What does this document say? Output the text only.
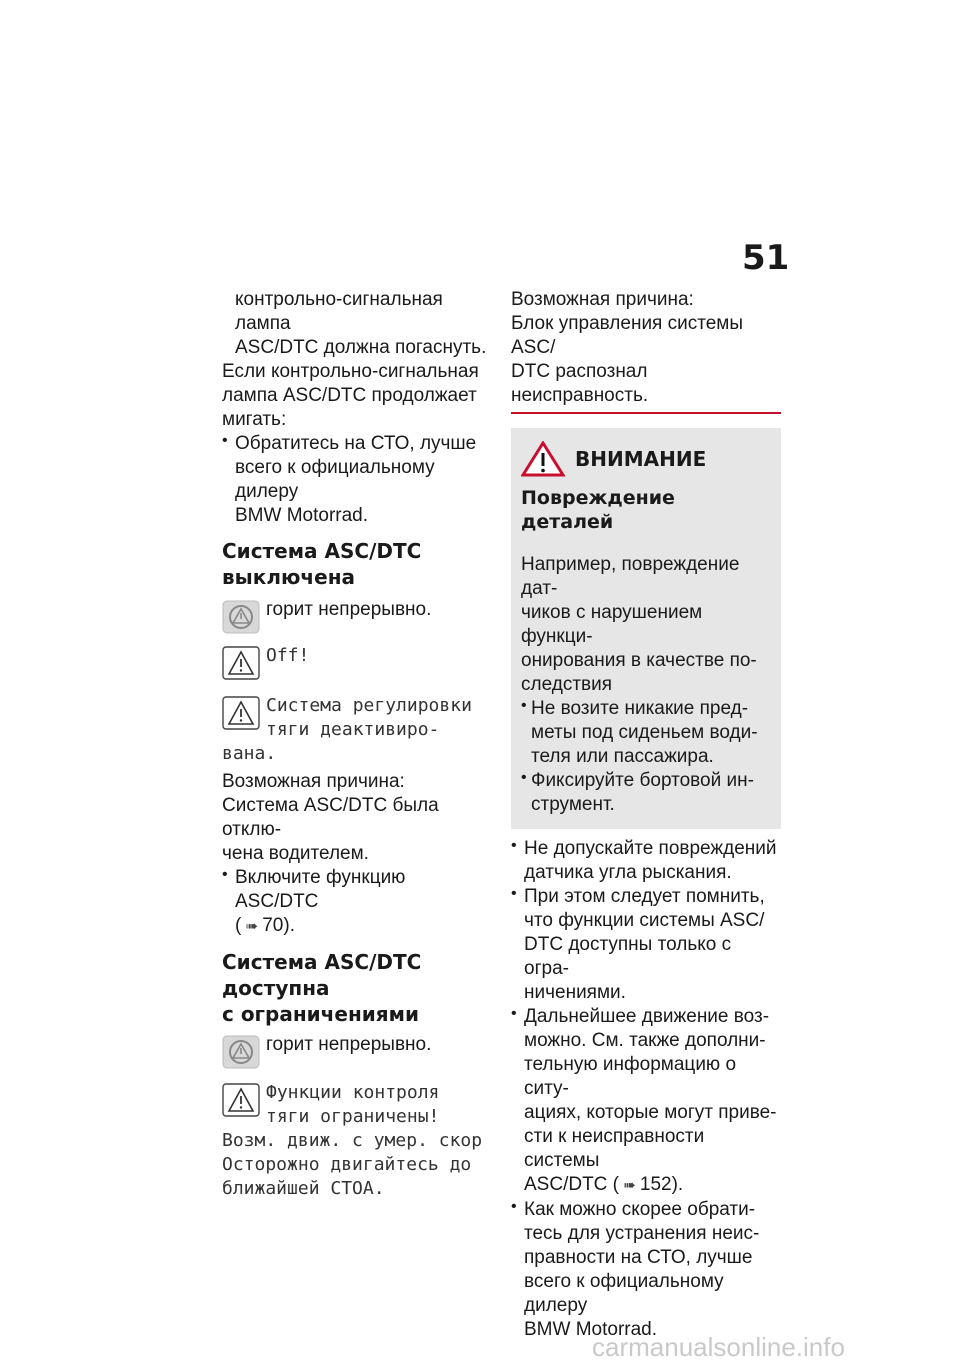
51

контрольно-сигнальная лампа

ASC/DTC должна погаснуть.

Если контрольно-сигнальная

лампа ASC/DTC продолжает

мигать:

• Обратитесь на СТО, лучше

всего к официальному дилеру

BMW Motorrad.

Система ASC/DTC

выключена

горит непрерывно.

Off!

Система регулировки

тяги деактивиро-

вана.

Возможная причина:

Система ASC/DTC была отклю-

чена водителем.

• Включите функцию ASC/DTC

( ➠ 70).

Система ASC/DTC доступна

с ограничениями

горит непрерывно.

Функции контроля

тяги ограничены!

Возм. движ. с умер. скор

Осторожно двигайтесь до

ближайшей СТОА.

Возможная причина:

Блок управления системы ASC/

DTC распознал неисправность.

ВНИМАНИЕ

Повреждение деталей

Например, повреждение дат-

чиков с нарушением функци-

онирования в качестве по-

следствия

• Не возите никакие пред-

меты под сиденьем води-

теля или пассажира.

• Фиксируйте бортовой ин-

струмент.

• Не допускайте повреждений

датчика угла рыскания.

• При этом следует помнить,

что функции системы ASC/

DTC доступны только с огра-

ничениями.

• Дальнейшее движение воз-

можно. См. также дополни-

тельную информацию о ситу-

ациях, которые могут приве-

сти к неисправности системы

ASC/DTC ( ➠ 152).

• Как можно скорее обрати-

тесь для устранения неис-

правности на СТО, лучше

всего к официальному дилеру

BMW Motorrad.

carmanualsonline.info
